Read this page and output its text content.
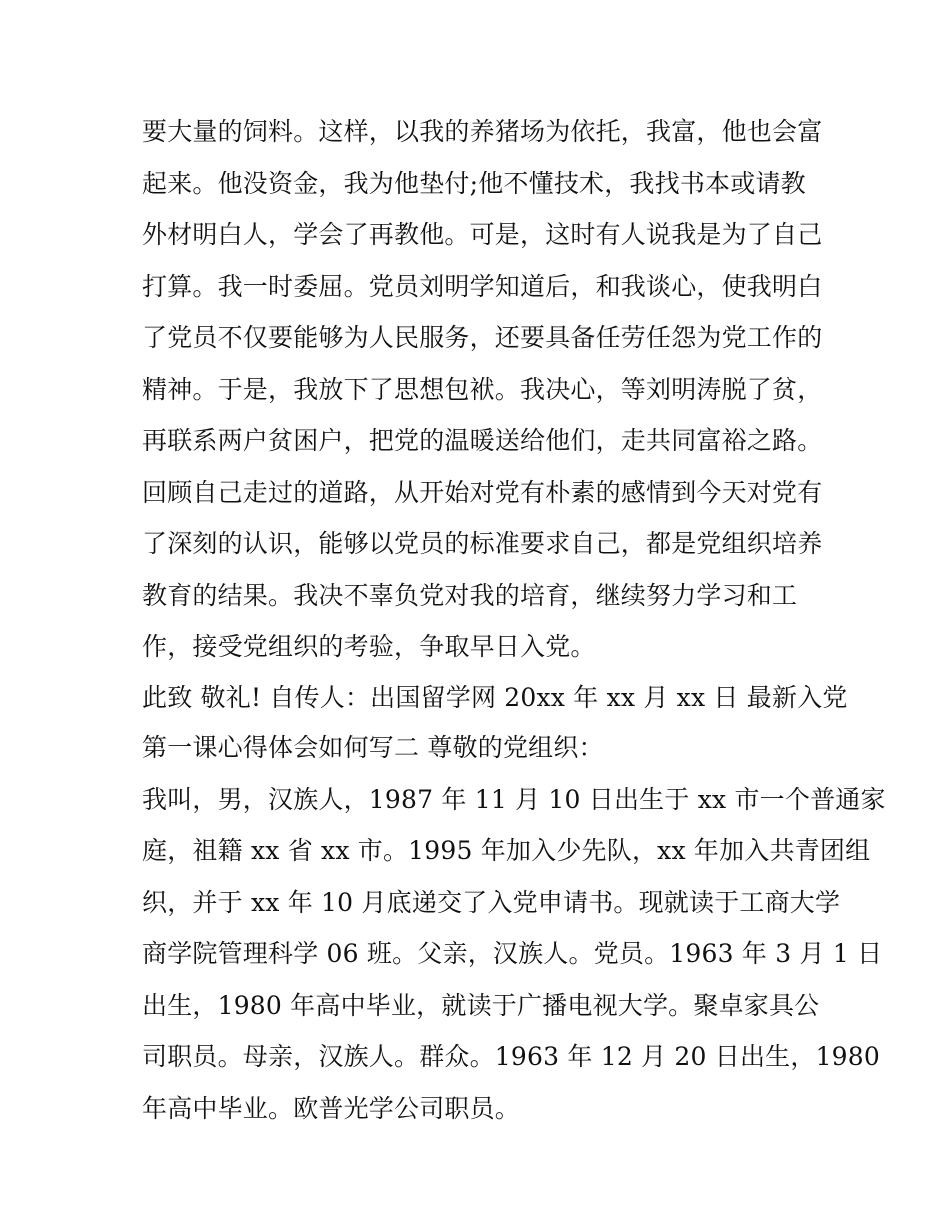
要大量的饲料。这样，以我的养猪场为依托，我富，他也会富
起来。他没资金，我为他垫付;他不懂技术，我找书本或请教
外材明白人，学会了再教他。可是，这时有人说我是为了自己
打算。我一时委屈。党员刘明学知道后，和我谈心，使我明白
了党员不仅要能够为人民服务，还要具备任劳任怨为党工作的
精神。于是，我放下了思想包袱。我决心，等刘明涛脱了贫，
再联系两户贫困户，把党的温暖送给他们，走共同富裕之路。
回顾自己走过的道路，从开始对党有朴素的感情到今天对党有
了深刻的认识，能够以党员的标准要求自己，都是党组织培养
教育的结果。我决不辜负党对我的培育，继续努力学习和工
作，接受党组织的考验，争取早日入党。
此致 敬礼! 自传人：出国留学网 20xx 年 xx 月 xx 日 最新入党
第一课心得体会如何写二 尊敬的党组织：
我叫，男，汉族人，1987 年 11 月 10 日出生于 xx 市一个普通家
庭，祖籍 xx 省 xx 市。1995 年加入少先队，xx 年加入共青团组
织，并于 xx 年 10 月底递交了入党申请书。现就读于工商大学
商学院管理科学 06 班。父亲，汉族人。党员。1963 年 3 月 1 日
出生，1980 年高中毕业，就读于广播电视大学。聚卓家具公
司职员。母亲，汉族人。群众。1963 年 12 月 20 日出生，1980
年高中毕业。欧普光学公司职员。
